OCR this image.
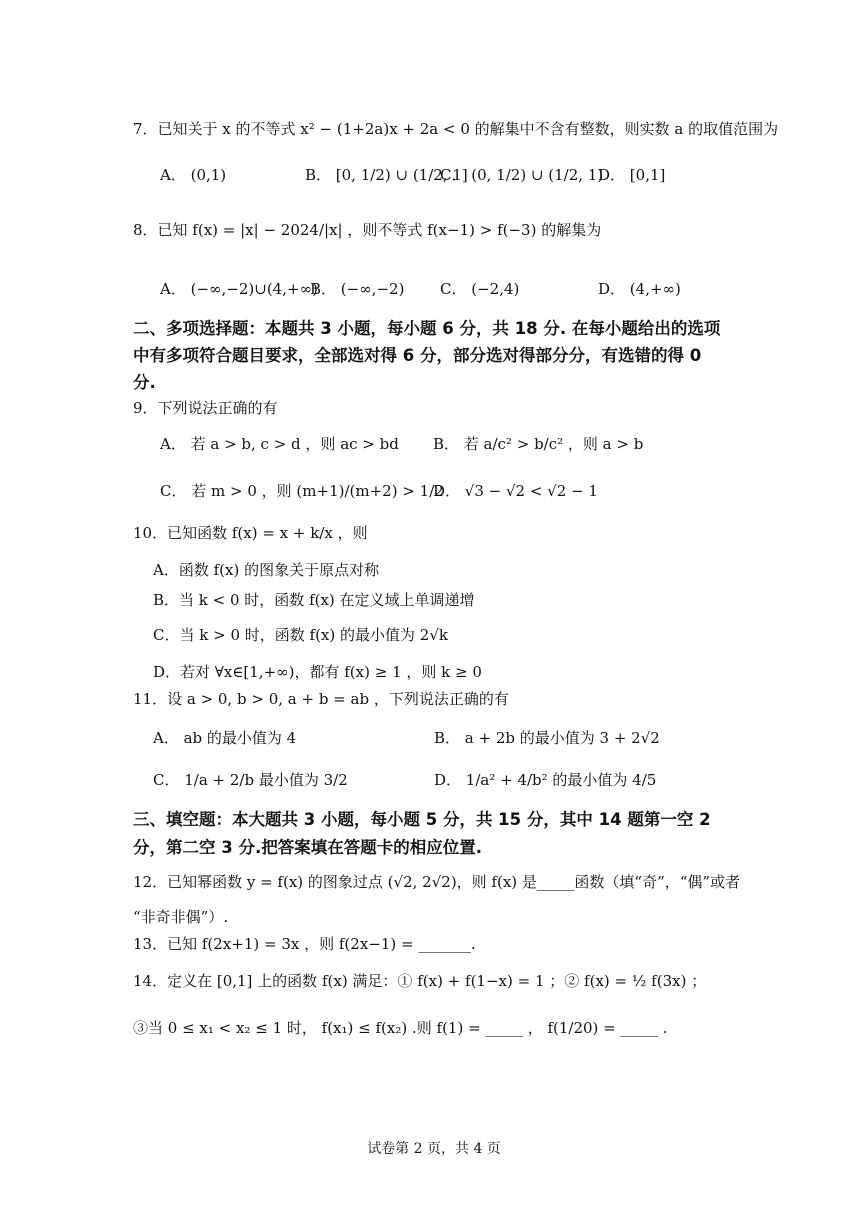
7．已知关于 x 的不等式 x² − (1+2a)x + 2a < 0 的解集中不含有整数，则实数 a 的取值范围为
A． (0,1)	B． [0, 1/2) ∪ (1/2, 1]
C． (0, 1/2) ∪ (1/2, 1)
D． [0,1]
8．已知 f(x) = |x| − 2024/|x| ，则不等式 f(x−1) > f(−3) 的解集为
A． (−∞,−2)∪(4,+∞)
B． (−∞,−2) C． (−2,4)	D． (4,+∞)
二、多项选择题：本题共 3 小题，每小题 6 分，共 18 分. 在每小题给出的选项
中有多项符合题目要求，全部选对得 6 分，部分选对得部分分，有选错的得 0
分.
9．下列说法正确的有
A． 若 a > b, c > d ，则 ac > bd B． 若 a/c² > b/c² ，则 a > b
C． 若 m > 0 ，则 (m+1)/(m+2) > 1/2
D． √3 − √2 < √2 − 1
10．已知函数 f(x) = x + k/x ，则
A．函数 f(x) 的图象关于原点对称
B．当 k < 0 时，函数 f(x) 在定义域上单调递增
C．当 k > 0 时，函数 f(x) 的最小值为 2√k
D．若对 ∀x∈[1,+∞)，都有 f(x) ≥ 1 ，则 k ≥ 0
11．设 a > 0, b > 0, a + b = ab ，下列说法正确的有
A． ab 的最小值为 4	B． a + 2b 的最小值为 3 + 2√2
C． 1/a + 2/b 最小值为 3/2	D． 1/a² + 4/b² 的最小值为 4/5
三、填空题：本大题共 3 小题，每小题 5 分，共 15 分，其中 14 题第一空 2
分，第二空 3 分.把答案填在答题卡的相应位置.
12．已知幂函数 y = f(x) 的图象过点 (√2, 2√2)，则 f(x) 是_____函数（填“奇”，“偶”或者
“非奇非偶”）.
13．已知 f(2x+1) = 3x ，则 f(2x−1) = _______.
14．定义在 [0,1] 上的函数 f(x) 满足：① f(x) + f(1−x) = 1 ；② f(x) = ½ f(3x) ；
③当 0 ≤ x₁ < x₂ ≤ 1 时， f(x₁) ≤ f(x₂) .则 f(1) = _____ ， f(1/20) = _____ .
试卷第 2 页，共 4 页
